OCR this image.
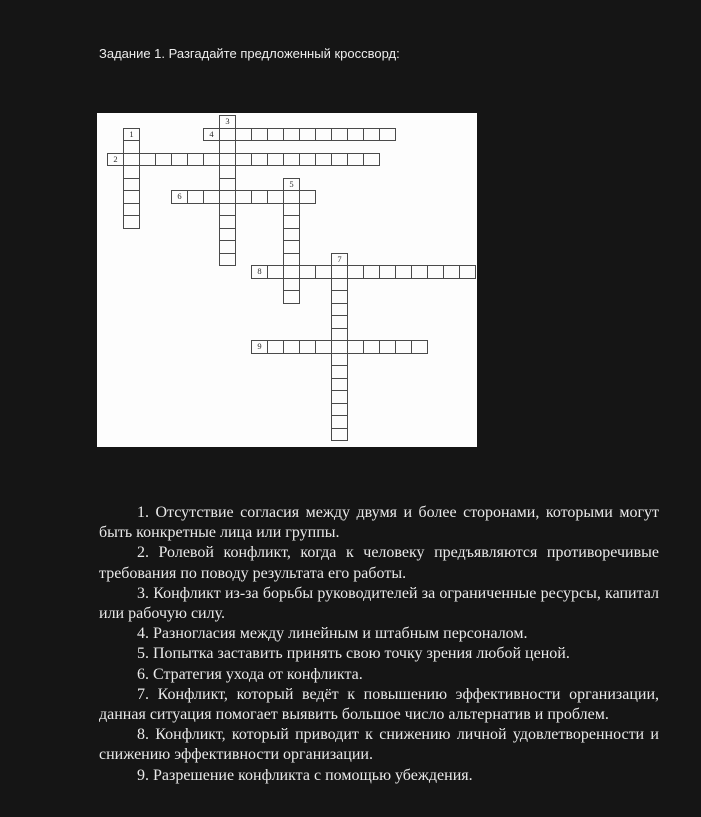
Задание 1. Разгадайте предложенный кроссворд:
1
2
3
4
5
6
7
8
9

1. Отсутствие согласия между двумя и более сторонами, которыми могут быть конкретные лица или группы.

2. Ролевой конфликт, когда к человеку предъявляются противоречивые требования по поводу результата его работы.

3. Конфликт из-за борьбы руководителей за ограниченные ресурсы, капитал или рабочую силу.

4. Разногласия между линейным и штабным персоналом.

5. Попытка заставить принять свою точку зрения любой ценой.

6. Стратегия ухода от конфликта.

7. Конфликт, который ведёт к повышению эффективности организации, данная ситуация помогает выявить большое число альтернатив и проблем.

8. Конфликт, который приводит к снижению личной удовлетворенности и снижению эффективности организации.

9. Разрешение конфликта с помощью убеждения.
